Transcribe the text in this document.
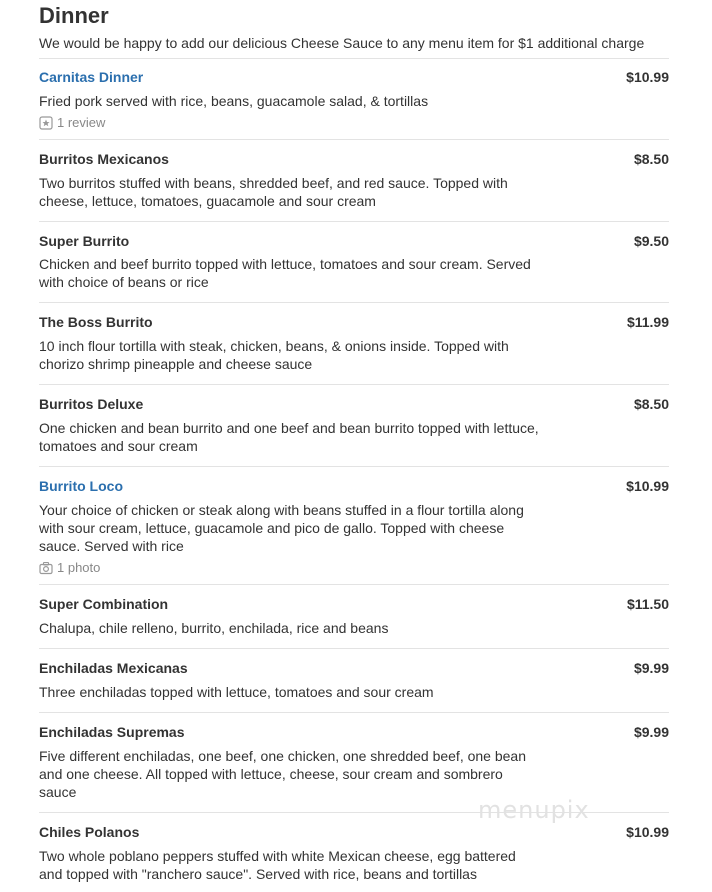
Dinner
We would be happy to add our delicious Cheese Sauce to any menu item for $1 additional charge
Carnitas Dinner	$10.99
Fried pork served with rice, beans, guacamole salad, & tortillas
1 review
Burritos Mexicanos	$8.50
Two burritos stuffed with beans, shredded beef, and red sauce. Topped with cheese, lettuce, tomatoes, guacamole and sour cream
Super Burrito	$9.50
Chicken and beef burrito topped with lettuce, tomatoes and sour cream. Served with choice of beans or rice
The Boss Burrito	$11.99
10 inch flour tortilla with steak, chicken, beans, & onions inside. Topped with chorizo shrimp pineapple and cheese sauce
Burritos Deluxe	$8.50
One chicken and bean burrito and one beef and bean burrito topped with lettuce, tomatoes and sour cream
Burrito Loco	$10.99
Your choice of chicken or steak along with beans stuffed in a flour tortilla along with sour cream, lettuce, guacamole and pico de gallo. Topped with cheese sauce. Served with rice
1 photo
Super Combination	$11.50
Chalupa, chile relleno, burrito, enchilada, rice and beans
Enchiladas Mexicanas	$9.99
Three enchiladas topped with lettuce, tomatoes and sour cream
Enchiladas Supremas	$9.99
Five different enchiladas, one beef, one chicken, one shredded beef, one bean and one cheese. All topped with lettuce, cheese, sour cream and sombrero sauce
Chiles Polanos	$10.99
Two whole poblano peppers stuffed with white Mexican cheese, egg battered and topped with "ranchero sauce". Served with rice, beans and tortillas
menupix
